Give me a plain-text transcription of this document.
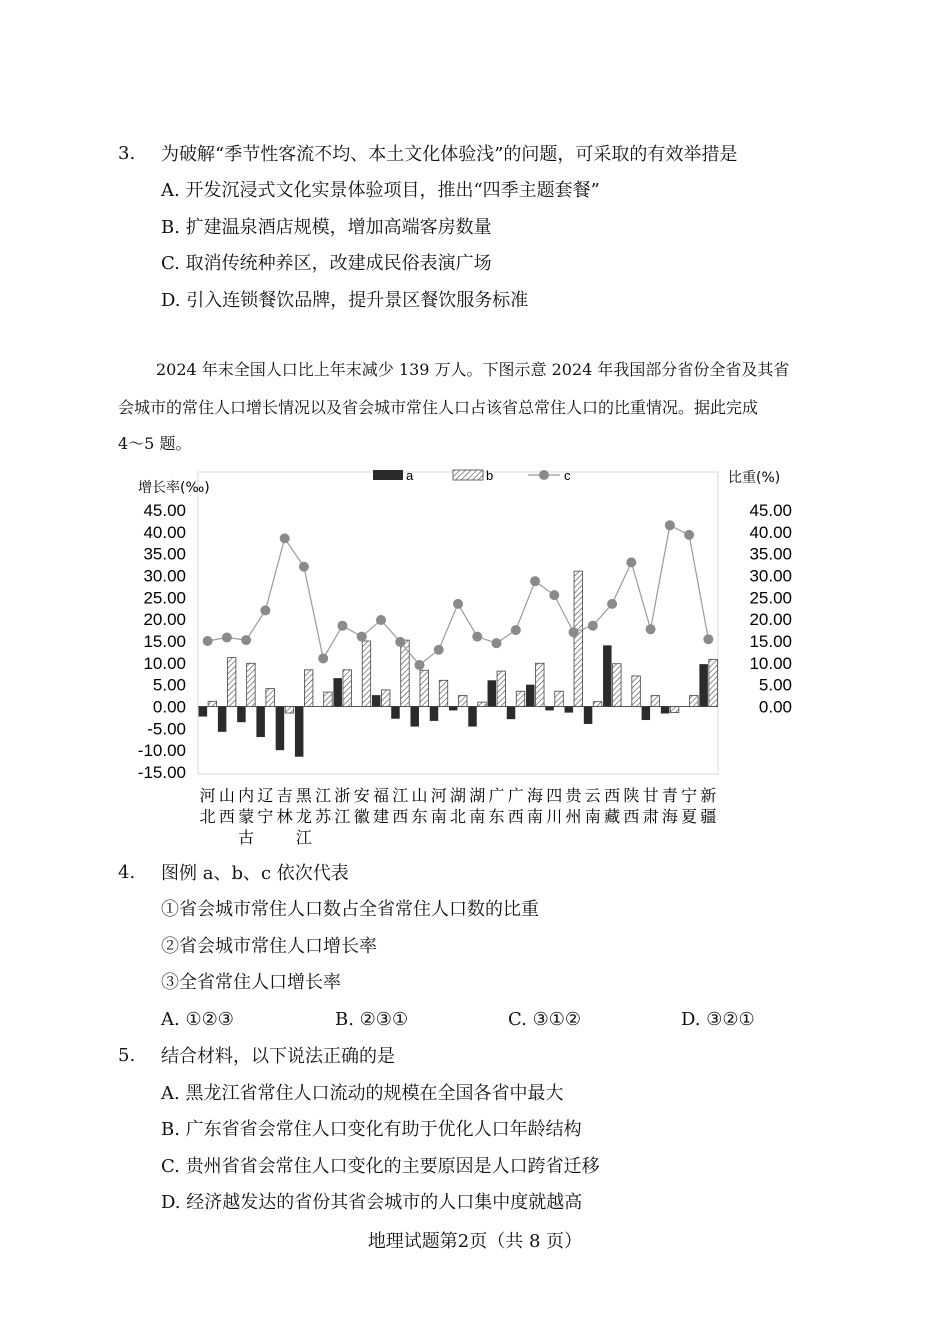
3. 为破解“季节性客流不均、本土文化体验浅”的问题，可采取的有效举措是
A. 开发沉浸式文化实景体验项目，推出“四季主题套餐”
B. 扩建温泉酒店规模，增加高端客房数量
C. 取消传统种养区，改建成民俗表演广场
D. 引入连锁餐饮品牌，提升景区餐饮服务标准
2024 年末全国人口比上年末减少 139 万人。下图示意 2024 年我国部分省份全省及其省
会城市的常住人口增长情况以及省会城市常住人口占该省总常住人口的比重情况。据此完成
4～5 题。
45.00
40.00
35.00
30.00
25.00
20.00
15.00
10.00
5.00
0.00
-5.00
-10.00
-15.00
45.00
40.00
35.00
30.00
25.00
20.00
15.00
10.00
5.00
0.00
河
北
山
西
内
蒙
古
辽
宁
吉
林
黑
龙
江
江
苏
浙
江
安
徽
福
建
江
西
山
东
河
南
湖
北
湖
南
广
东
广
西
海
南
四
川
贵
州
云
南
西
藏
陕
西
甘
肃
青
海
宁
夏
新
疆
a	b	c
增长率(‰)
比重(%)
4. 图例 a、b、c 依次代表
①省会城市常住人口数占全省常住人口数的比重
②省会城市常住人口增长率
③全省常住人口增长率
A. ①②③	B. ②③①	C. ③①②	D. ③②①
5. 结合材料，以下说法正确的是
A. 黑龙江省常住人口流动的规模在全国各省中最大
B. 广东省省会常住人口变化有助于优化人口年龄结构
C. 贵州省省会常住人口变化的主要原因是人口跨省迁移
D. 经济越发达的省份其省会城市的人口集中度就越高
地理试题第2页（共 8 页）
